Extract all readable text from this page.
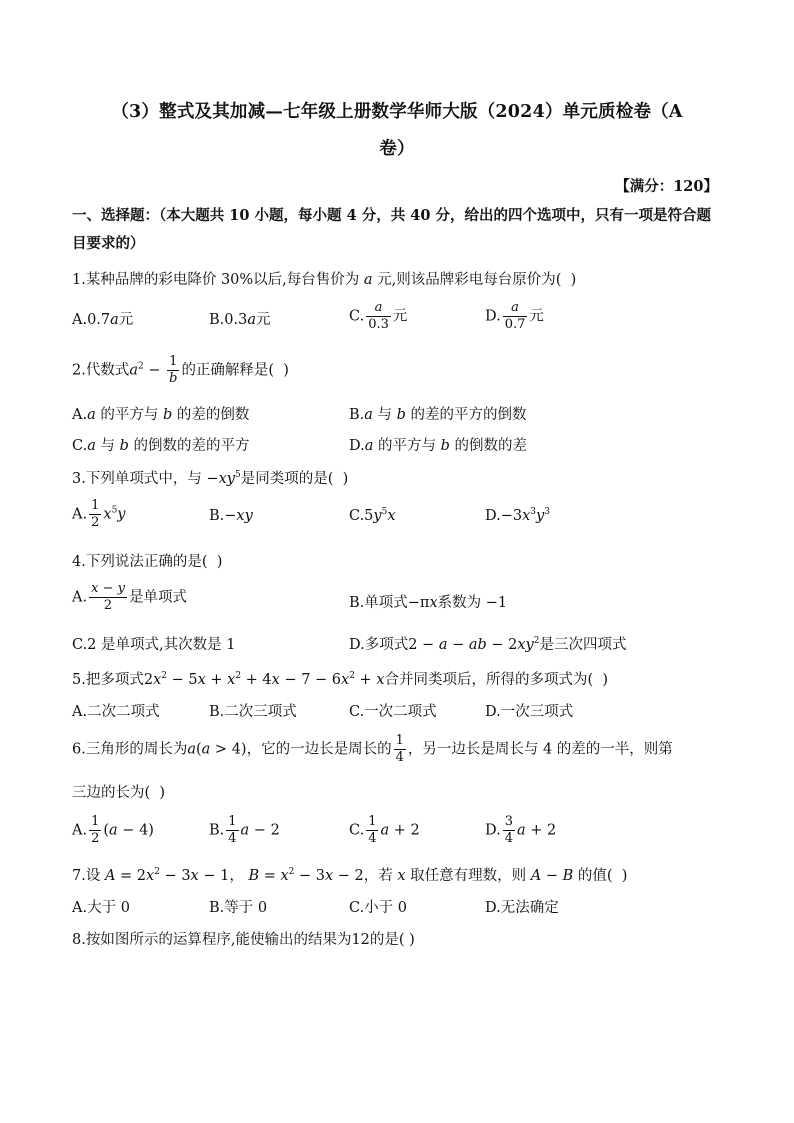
（3）整式及其加减—七年级上册数学华师大版（2024）单元质检卷（A
卷）
【满分：120】
一、选择题：（本大题共 10 小题，每小题 4 分，共 40 分，给出的四个选项中，只有一项是符合题目要求的）
1.某种品牌的彩电降价 30%以后,每台售价为 a 元,则该品牌彩电每台原价为(  )
A.0.7a元	B.0.3a元	C. $\frac{a}{0.3}$ 元	D. $\frac{a}{0.7}$ 元
2.代数式$a^2 - \frac{1}{b}$ 的正确解释是(  )
A.a 的平方与 b 的差的倒数	B.a 与 b 的差的平方的倒数
C.a 与 b 的倒数的差的平方	D.a 的平方与 b 的倒数的差
3.下列单项式中，与 $-xy^5$是同类项的是(  )
A. $\frac{1}{2} x^5y$	B.−xy	$C.5y^5x$	$D.-3x^3y^3$
4.下列说法正确的是(  )
A. $\frac{x - y}{2}$ 是单项式	B.单项式−πx系数为 −1
C.2 是单项式,其次数是 1	D.多项式2 − a − ab − $2xy^2$是三次四项式
5.把多项式$2x^2 - 5x + x^2 + 4x - 7 - 6x^2 + x$合并同类项后，所得的多项式为(  )
A.二次二项式	B.二次三项式	C.一次二项式	D.一次三项式
6.三角形的周长为a(a > 4)，它的一边长是周长的 $\frac{1}{4}$ ，另一边长是周长与 4 的差的一半，则第
三边的长为(  )
A. $\frac{1}{2} (a - 4)$	B. $\frac{1}{4}$ a − 2	C. $\frac{1}{4}$ a + 2	D. $\frac{3}{4}$ a + 2
7.设 $A = 2x^2 - 3x - 1$， $B = x^2 - 3x - 2$，若 x 取任意有理数，则 A − B 的值(  )
A.大于 0	B.等于 0	C.小于 0	D.无法确定
8.按如图所示的运算程序,能使输出的结果为12的是( )
